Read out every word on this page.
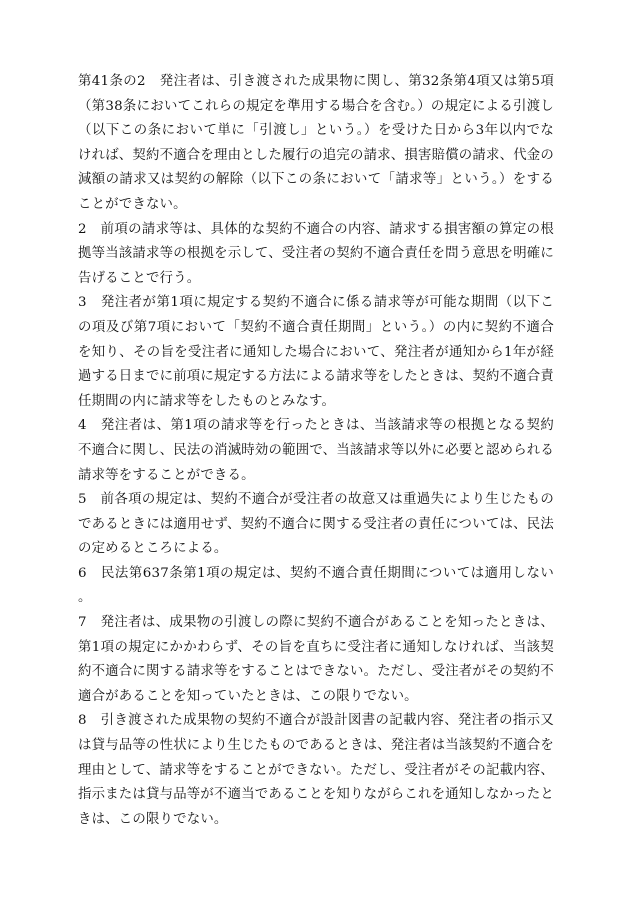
第41条の2　発注者は、引き渡された成果物に関し、第32条第4項又は第5項（第38条においてこれらの規定を準用する場合を含む。）の規定による引渡し（以下この条において単に「引渡し」という。）を受けた日から3年以内でなければ、契約不適合を理由とした履行の追完の請求、損害賠償の請求、代金の減額の請求又は契約の解除（以下この条において「請求等」という。）をすることができない。

2　前項の請求等は、具体的な契約不適合の内容、請求する損害額の算定の根拠等当該請求等の根拠を示して、受注者の契約不適合責任を問う意思を明確に告げることで行う。

3　発注者が第1項に規定する契約不適合に係る請求等が可能な期間（以下この項及び第7項において「契約不適合責任期間」という。）の内に契約不適合を知り、その旨を受注者に通知した場合において、発注者が通知から1年が経過する日までに前項に規定する方法による請求等をしたときは、契約不適合責任期間の内に請求等をしたものとみなす。

4　発注者は、第1項の請求等を行ったときは、当該請求等の根拠となる契約不適合に関し、民法の消滅時効の範囲で、当該請求等以外に必要と認められる請求等をすることができる。

5　前各項の規定は、契約不適合が受注者の故意又は重過失により生じたものであるときには適用せず、契約不適合に関する受注者の責任については、民法の定めるところによる。

6　民法第637条第1項の規定は、契約不適合責任期間については適用しない。

7　発注者は、成果物の引渡しの際に契約不適合があることを知ったときは、第1項の規定にかかわらず、その旨を直ちに受注者に通知しなければ、当該契約不適合に関する請求等をすることはできない。ただし、受注者がその契約不適合があることを知っていたときは、この限りでない。

8　引き渡された成果物の契約不適合が設計図書の記載内容、発注者の指示又は貸与品等の性状により生じたものであるときは、発注者は当該契約不適合を理由として、請求等をすることができない。ただし、受注者がその記載内容、指示または貸与品等が不適当であることを知りながらこれを通知しなかったときは、この限りでない。
